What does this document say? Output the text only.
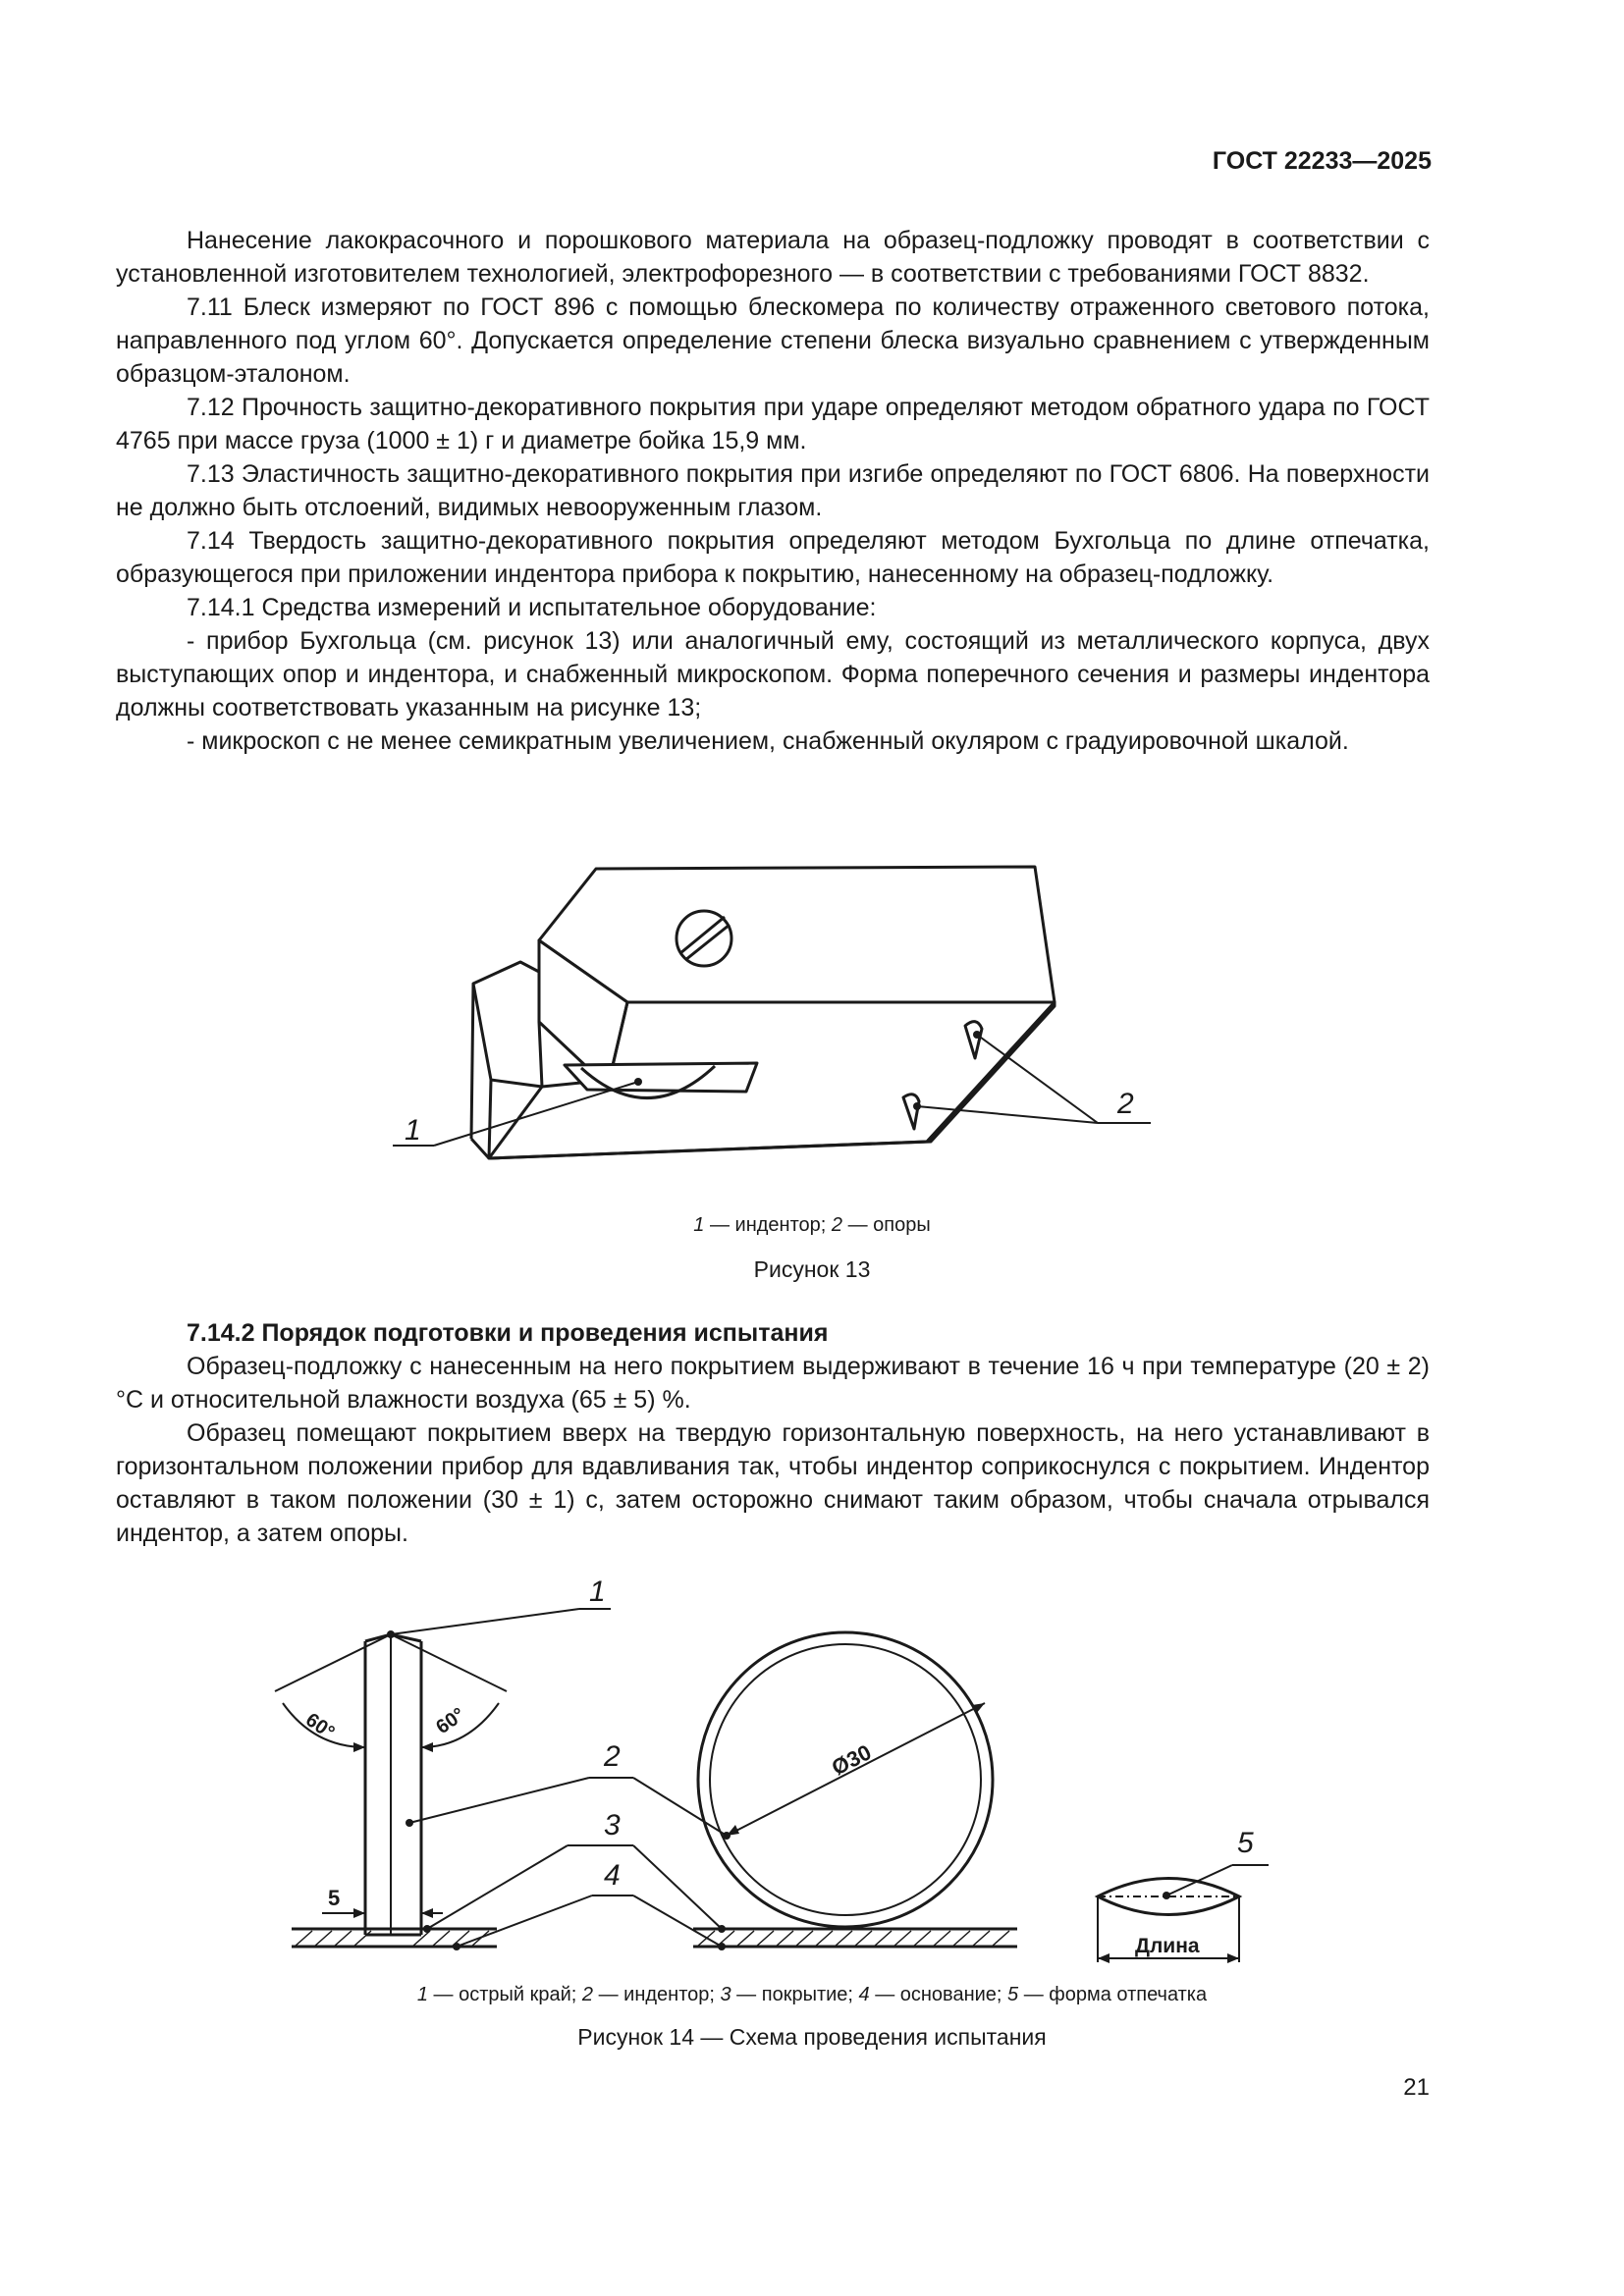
ГОСТ 22233—2025

Нанесение лакокрасочного и порошкового материала на образец-подложку проводят в соответствии с установленной изготовителем технологией, электрофорезного — в соответствии с требованиями ГОСТ 8832.

7.11 Блеск измеряют по ГОСТ 896 с помощью блескомера по количеству отраженного светового потока, направленного под углом 60°. Допускается определение степени блеска визуально сравнением с утвержденным образцом-эталоном.

7.12 Прочность защитно-декоративного покрытия при ударе определяют методом обратного удара по ГОСТ 4765 при массе груза (1000 ± 1) г и диаметре бойка 15,9 мм.

7.13 Эластичность защитно-декоративного покрытия при изгибе определяют по ГОСТ 6806. На поверхности не должно быть отслоений, видимых невооруженным глазом.

7.14 Твердость защитно-декоративного покрытия определяют методом Бухгольца по длине отпечатка, образующегося при приложении индентора прибора к покрытию, нанесенному на образец-подложку.

7.14.1 Средства измерений и испытательное оборудование:

- прибор Бухгольца (см. рисунок 13) или аналогичный ему, состоящий из металлического корпуса, двух выступающих опор и индентора, и снабженный микроскопом. Форма поперечного сечения и размеры индентора должны соответствовать указанным на рисунке 13;

- микроскоп с не менее семикратным увеличением, снабженный окуляром с градуировочной шкалой.

1
2
1 — индентор; 2 — опоры
Рисунок 13

7.14.2 Порядок подготовки и проведения испытания

Образец-подложку с нанесенным на него покрытием выдерживают в течение 16 ч при температуре (20 ± 2) °С и относительной влажности воздуха (65 ± 5) %.

Образец помещают покрытием вверх на твердую горизонтальную поверхность, на него устанавливают в горизонтальном положении прибор для вдавливания так, чтобы индентор соприкоснулся с покрытием. Индентор оставляют в таком положении (30 ± 1) с, затем осторожно снимают таким образом, чтобы сначала отрывался индентор, а затем опоры.

1
2
3
4
5
60°	60°
5
Ø30
Длина
1 — острый край; 2 — индентор; 3 — покрытие; 4 — основание; 5 — форма отпечатка
Рисунок 14 — Схема проведения испытания
21
